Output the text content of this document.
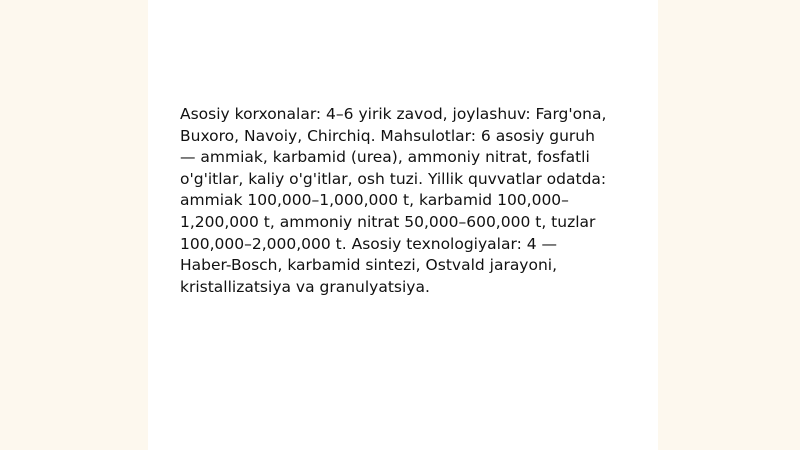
Asosiy korxonalar: 4–6 yirik zavod, joylashuv: Farg'ona, Buxoro, Navoiy, Chirchiq. Mahsulotlar: 6 asosiy guruh — ammiak, karbamid (urea), ammoniy nitrat, fosfatli o'g'itlar, kaliy o'g'itlar, osh tuzi. Yillik quvvatlar odatda: ammiak 100,000–1,000,000 t, karbamid 100,000–1,200,000 t, ammoniy nitrat 50,000–600,000 t, tuzlar 100,000–2,000,000 t. Asosiy texnologiyalar: 4 — Haber-Bosch, karbamid sintezi, Ostvald jarayoni, kristallizatsiya va granulyatsiya.
